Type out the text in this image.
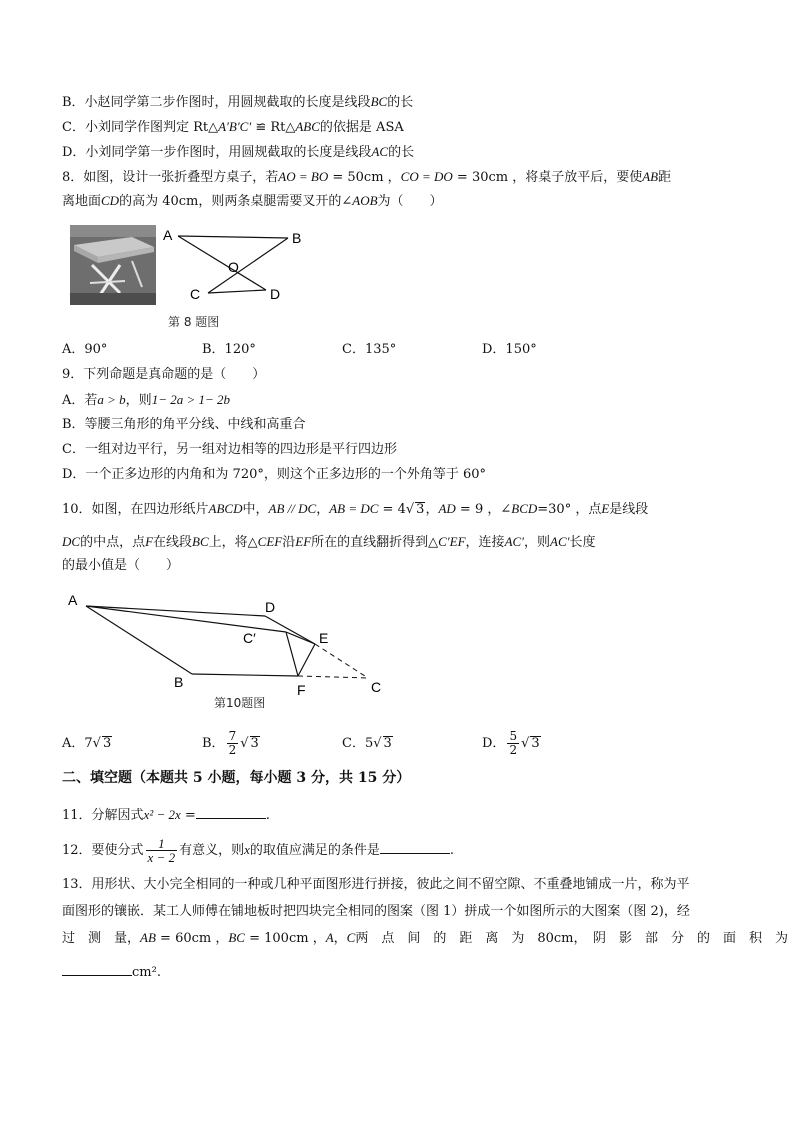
B．小赵同学第二步作图时，用圆规截取的长度是线段BC的长
C．小刘同学作图判定 Rt△A′B′C′ ≌ Rt△ABC的依据是 ASA
D．小刘同学第一步作图时，用圆规截取的长度是线段AC的长
8．如图，设计一张折叠型方桌子，若AO = BO = 50cm ，CO = DO = 30cm ，将桌子放平后，要使AB距
离地面CD的高为 40cm，则两条桌腿需要叉开的∠AOB为（　　）
A	B
O
C	D
第 8 题图
A．90°	B．120°	C．135°	D．150°
9．下列命题是真命题的是（　　）
A．若a > b，则1− 2a > 1− 2b
B．等腰三角形的角平分线、中线和高重合
C．一组对边平行，另一组对边相等的四边形是平行四边形
D．一个正多边形的内角和为 720°，则这个正多边形的一个外角等于 60°
10．如图，在四边形纸片ABCD中，AB // DC，AB = DC = 4√ 3，AD = 9 ，∠BCD=30° ，点E是线段
DC的中点，点F在线段BC上，将△CEF沿EF所在的直线翻折得到△C′EF，连接AC′，则AC′长度
的最小值是（　　）
A	D
C′	E
B	F	C
第10题图
A．7√ 3	B． $\frac{7}{2}$ √ 3	C．5√ 3	D． $\frac{5}{2}$ √ 3
二、填空题（本题共 5 小题，每小题 3 分，共 15 分）
11．分解因式x² − 2x =	.
12．要使分式 $\frac{1}{x - 2}$ 有意义，则x的取值应满足的条件是	.
13．用形状、大小完全相同的一种或几种平面图形进行拼接，彼此之间不留空隙、不重叠地铺成一片，称为平
面图形的镶嵌．某工人师傅在铺地板时把四块完全相同的图案（图 1）拼成一个如图所示的大图案（图 2)，经
过　测　量，AB = 60cm ，BC = 100cm ，A，C两　点　间　的　距　离　为　80cm，　阴　影　部　分　的　面　积　为
cm².
